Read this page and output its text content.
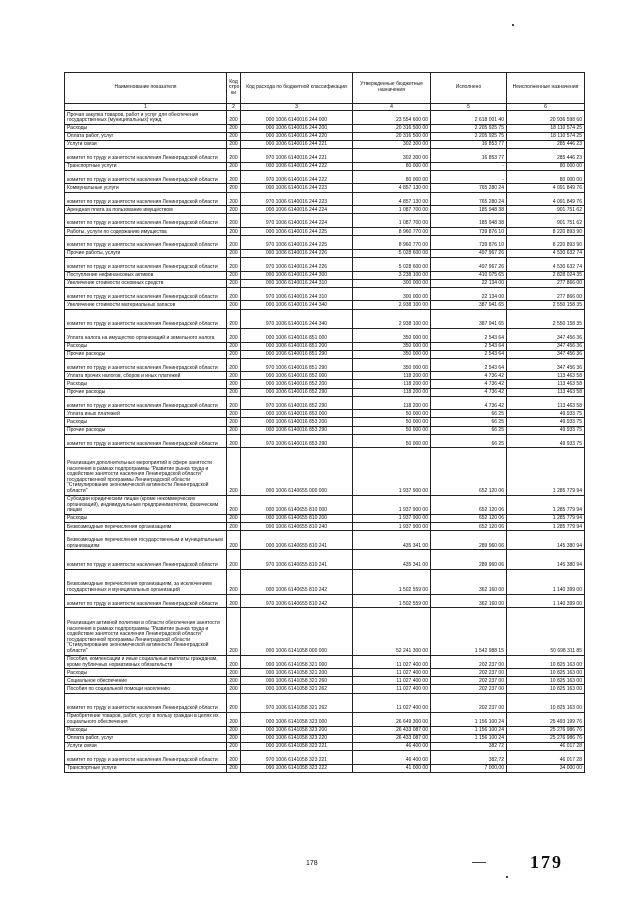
Наименование показателя	Код стро ки	Код расхода по бюджетной классификации	Утвержденные бюджетные назначения	Исполнено	Неисполненные назначения
1	2	3	4	5	6
Прочая закупка товаров, работ и услуг для обеспечения государственных (муниципальных) нужд	200	000 1006 6140016 244 000	23 554 600 00	2 618 001 40	20 936 598 60
Расходы	200	000 1006 6140016 244 200	20 316 500 00	2 205 925 75	18 110 574 25
Оплата работ, услуг	200	000 1006 6140016 244 220	20 316 500 00	2 205 925 75	18 110 574 25
Услуги связи	200	000 1006 6140016 244 221	302 300 00	16 853 77	285 446 23
комитет по труду и занятости населения Ленинградской области	200	970 1006 6140016 244 221	302 300 00	16 853 77	285 446 23
Транспортные услуги	200	000 1006 6140016 244 222	80 000 00	-	80 000 00
комитет по труду и занятости населения Ленинградской области	200	970 1006 6140016 244 222	80 000 00	-	80 000 00
Коммунальные услуги	200	000 1006 6140016 244 223	4 857 130 00	765 280 24	4 091 849 76
комитет по труду и занятости населения Ленинградской области	200	970 1006 6140016 244 223	4 857 130 00	765 280 24	4 091 849 76
Арендная плата за пользование имуществом	200	000 1006 6140016 244 224	1 087 700 00	185 948 38	901 751 62
комитет по труду и занятости населения Ленинградской области	200	970 1006 6140016 244 224	1 087 700 00	185 948 38	901 751 62
Работы, услуги по содержанию имущества	200	000 1006 6140016 244 225	8 960 770 00	739 876 10	8 220 893 90
комитет по труду и занятости населения Ленинградской области	200	970 1006 6140016 244 225	8 960 770 00	739 876 10	8 220 893 90
Прочие работы, услуги	200	000 1006 6140016 244 226	5 028 600 00	497 967 26	4 530 632 74
комитет по труду и занятости населения Ленинградской области	200	970 1006 6140016 244 226	5 028 600 00	497 967 26	4 530 632 74
Поступление нефинансовых активов	200	000 1006 6140016 244 300	3 238 100 00	410 075 65	2 828 024 35
Увеличение стоимости основных средств	200	000 1006 6140016 244 310	300 000 00	22 134 00	277 866 00
комитет по труду и занятости населения Ленинградской области	200	970 1006 6140016 244 310	300 000 00	22 134 00	277 866 00
Увеличение стоимости материальных запасов	200	000 1006 6140016 244 340	2 938 100 00	387 941 65	2 550 158 35
комитет по труду и занятости населения Ленинградской области	200	970 1006 6140016 244 340	2 938 100 00	387 941 65	2 550 158 35
Уплата налога на имущество организаций и земельного налога	200	000 1006 6140016 851 000	350 000 00	2 543 64	347 456 36
Расходы	200	000 1006 6140016 851 200	350 000 00	2 543 64	347 456 36
Прочие расходы	200	000 1006 6140016 851 290	350 000 00	2 543 64	347 456 36
комитет по труду и занятости населения Ленинградской области	200	970 1006 6140016 851 290	350 000 00	2 543 64	347 456 36
Уплата прочих налогов, сборов и иных платежей	200	000 1006 6140016 852 000	118 200 00	4 736 42	113 463 58
Расходы	200	000 1006 6140016 852 200	118 200 00	4 736 42	113 463 58
Прочие расходы	200	000 1006 6140016 852 290	118 200 00	4 736 42	113 463 58
комитет по труду и занятости населения Ленинградской области	200	970 1006 6140016 852 290	118 200 00	4 736 42	113 463 58
Уплата иных платежей	200	000 1006 6140016 853 000	50 000 00	66 25	49 933 75
Расходы	200	000 1006 6140016 853 200	50 000 00	66 25	49 933 75
Прочие расходы	200	000 1006 6140016 853 290	50 000 00	66 25	49 933 75
комитет по труду и занятости населения Ленинградской области	200	970 1006 6140016 853 290	50 000 00	66 25	49 933 75
Реализация дополнительных мероприятий в сфере занятости населения в рамках подпрограммы "Развитие рынка труда и содействие занятости населения Ленинградской области" государственной программы Ленинградской области "Стимулирование экономической активности Ленинградской области"	200	000 1006 6140655 000 000	1 937 900 00	652 120 06	1 285 779 94
Субсидии юридическим лицам (кроме некоммерческих организаций), индивидуальным предпринимателям, физическим лицам	200	000 1006 6140655 810 000	1 937 900 00	652 120 06	1 285 779 94
Расходы	200	000 1006 6140655 810 200	1 937 900 00	652 120 06	1 285 779 94
Безвозмездные перечисления организациям	200	000 1006 6140655 810 240	1 937 900 00	652 120 06	1 285 779 94
Безвозмездные перечисления государственным и муниципальным организациям	200	000 1006 6140655 810 241	435 341 00	289 960 06	145 380 94
комитет по труду и занятости населения Ленинградской области	200	970 1006 6140655 810 241	435 341 00	289 960 06	145 380 94
Безвозмездные перечисления организациям, за исключением государственных и муниципальных организаций	200	000 1006 6140655 810 242	1 502 559 00	362 160 00	1 140 399 00
комитет по труду и занятости населения Ленинградской области	200	970 1006 6140655 810 242	1 502 559 00	362 160 00	1 140 399 00
Реализация активной политики в области обеспечения занятости населения в рамках подпрограммы "Развитие рынка труда и содействие занятости населения Ленинградской области" государственной программы Ленинградской области "Стимулирование экономической активности Ленинградской области"	200	000 1006 6141058 000 000	52 241 300 00	1 542 988 15	50 698 311 85
Пособия, компенсации и иные социальные выплаты гражданам, кроме публичных нормативных обязательств	200	000 1006 6141058 321 000	11 027 400 00	202 237 00	10 825 163 00
Расходы	200	000 1006 6141058 321 200	11 027 400 00	202 237 00	10 825 163 00
Социальное обеспечение	200	000 1006 6141058 321 260	11 027 400 00	202 237 00	10 825 163 00
Пособия по социальной помощи населению	200	000 1006 6141058 321 262	11 027 400 00	202 237 00	10 825 163 00
комитет по труду и занятости населения Ленинградской области	200	970 1006 6141058 321 262	11 027 400 00	202 237 00	10 825 163 00
Приобретение товаров, работ, услуг в пользу граждан в целях их социального обеспечения	200	000 1006 6141058 323 000	26 649 300 00	1 156 100 24	25 493 199 76
Расходы	200	000 1006 6141058 323 200	26 433 087 00	1 156 100 24	25 276 986 76
Оплата работ, услуг	200	000 1006 6141058 323 220	26 433 087 00	1 156 100 24	25 276 986 76
Услуги связи	200	000 1006 6141058 323 221	46 400 00	382 72	46 017 28
комитет по труду и занятости населения Ленинградской области	200	970 1006 6141058 323 221	46 400 00	382,72	46 017 28
Транспортные услуги	200	000 1006 6141058 323 222	41 000 00	7 000,00	34 000 00
178	179
